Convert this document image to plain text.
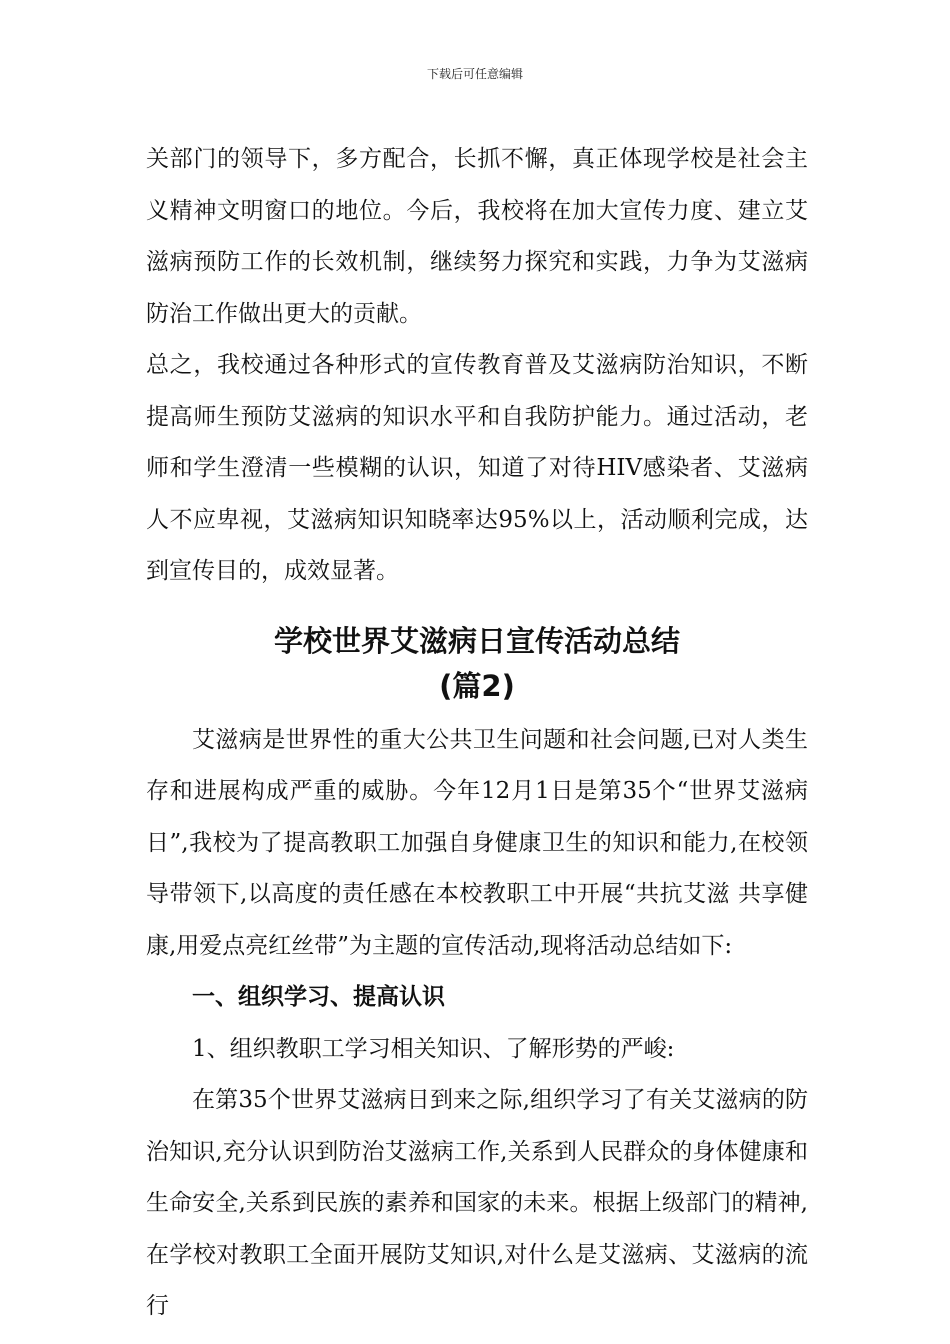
下载后可任意编辑

关部门的领导下，多方配合，长抓不懈，真正体现学校是社会主义精神文明窗口的地位。今后，我校将在加大宣传力度、建立艾滋病预防工作的长效机制，继续努力探究和实践，力争为艾滋病防治工作做出更大的贡献。

总之，我校通过各种形式的宣传教育普及艾滋病防治知识，不断提高师生预防艾滋病的知识水平和自我防护能力。通过活动，老师和学生澄清一些模糊的认识，知道了对待HIV感染者、艾滋病人不应卑视，艾滋病知识知晓率达95%以上，活动顺利完成，达到宣传目的，成效显著。

学校世界艾滋病日宣传活动总结

(篇2)

艾滋病是世界性的重大公共卫生问题和社会问题,已对人类生存和进展构成严重的威胁。今年12月1日是第35个“世界艾滋病日”,我校为了提高教职工加强自身健康卫生的知识和能力,在校领导带领下,以高度的责任感在本校教职工中开展“共抗艾滋 共享健康,用爱点亮红丝带”为主题的宣传活动,现将活动总结如下:

一、组织学习、提高认识

1、组织教职工学习相关知识、了解形势的严峻:

在第35个世界艾滋病日到来之际,组织学习了有关艾滋病的防治知识,充分认识到防治艾滋病工作,关系到人民群众的身体健康和生命安全,关系到民族的素养和国家的未来。根据上级部门的精神,在学校对教职工全面开展防艾知识,对什么是艾滋病、艾滋病的流行
